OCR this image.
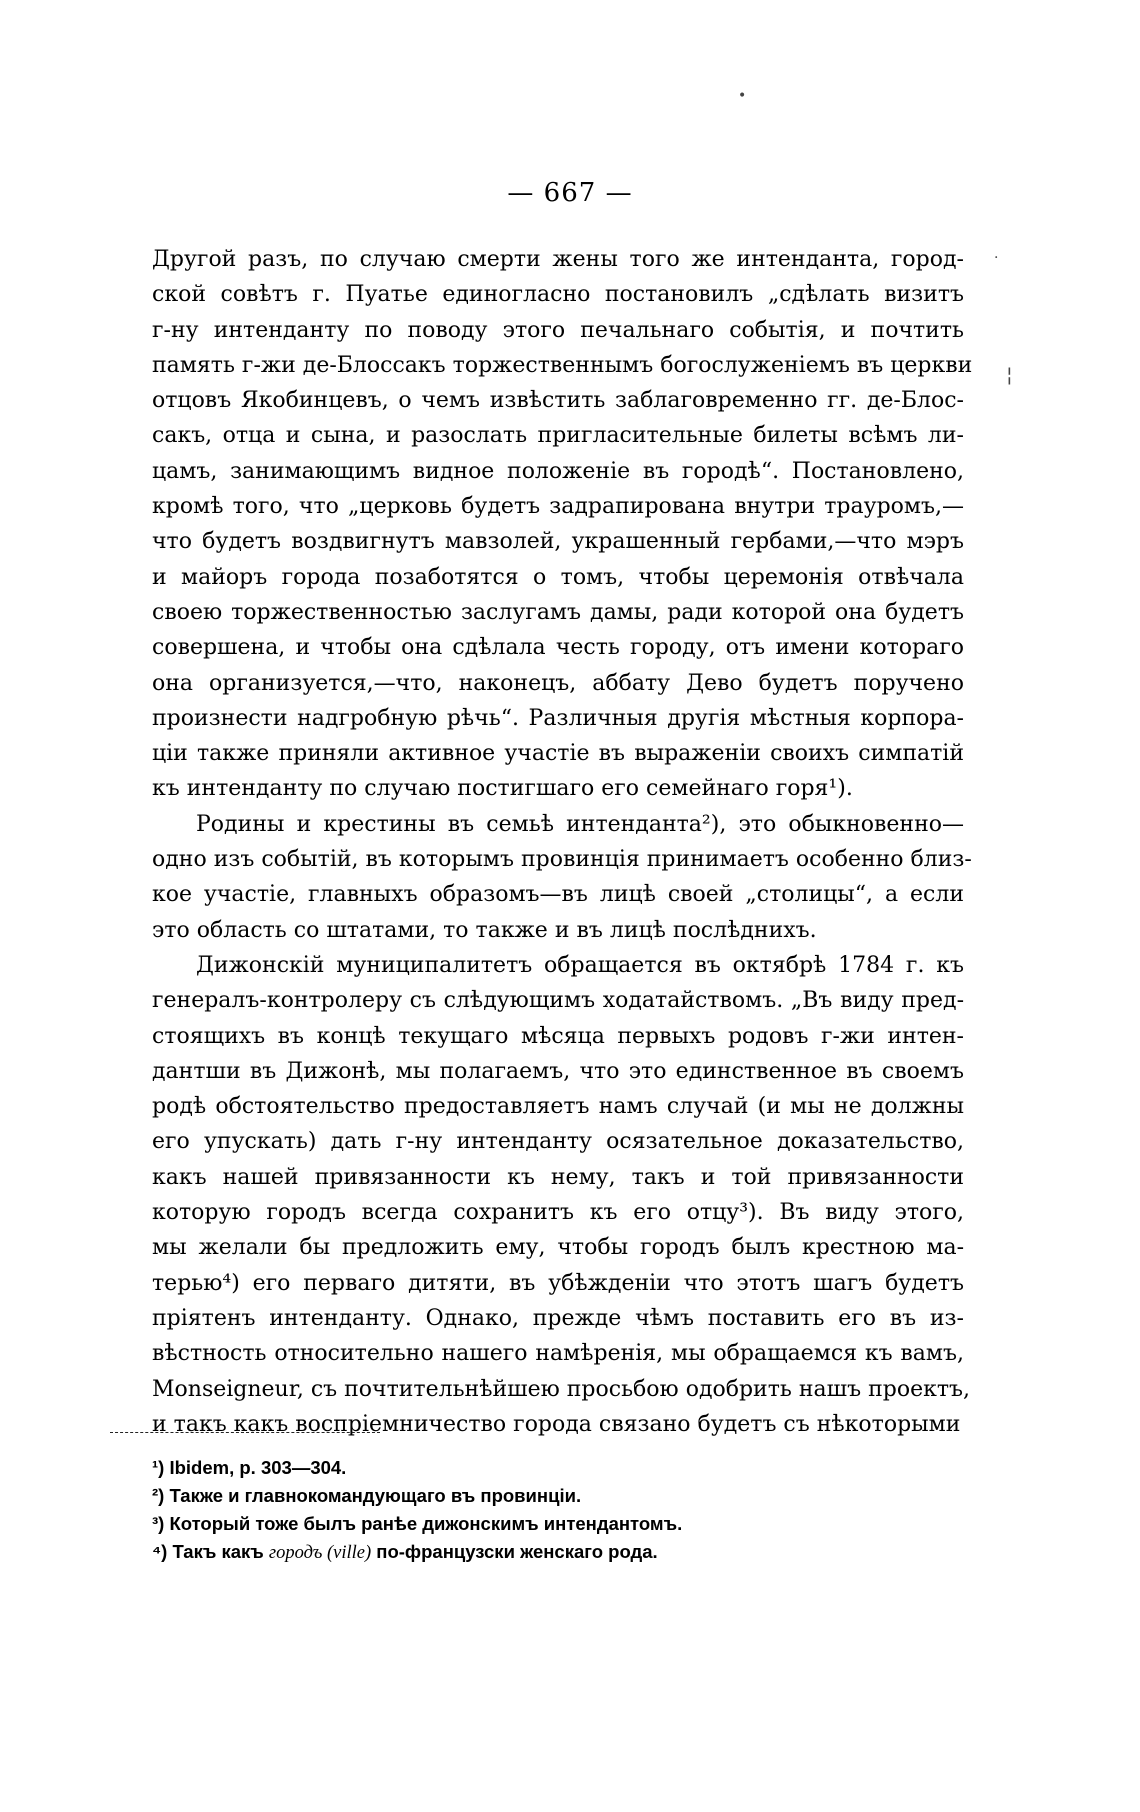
•
·
¦
— 667 —
Другой разъ, по случаю смерти жены того же интенданта, город-
ской совѣтъ г. Пуатье единогласно постановилъ „сдѣлать визитъ
г-ну интенданту по поводу этого печальнаго событія, и почтить
память г-жи де-Блоссакъ торжественнымъ богослуженіемъ въ церкви
отцовъ Якобинцевъ, о чемъ извѣстить заблаговременно гг. де-Блос-
сакъ, отца и сына, и разослать пригласительные билеты всѣмъ ли-
цамъ, занимающимъ видное положеніе въ городѣ“. Постановлено,
кромѣ того, что „церковь будетъ задрапирована внутри трауромъ,—
что будетъ воздвигнутъ мавзолей, украшенный гербами,—что мэръ
и майоръ города позаботятся о томъ, чтобы церемонія отвѣчала
своею торжественностью заслугамъ дамы, ради которой она будетъ
совершена, и чтобы она сдѣлала честь городу, отъ имени котораго
она организуется,—что, наконецъ, аббату Дево будетъ поручено
произнести надгробную рѣчь“. Различныя другія мѣстныя корпора-
ціи также приняли активное участіе въ выраженіи своихъ симпатій
къ интенданту по случаю постигшаго его семейнаго горя¹).
Родины и крестины въ семьѣ интенданта²), это обыкновенно—
одно изъ событій, въ которымъ провинція принимаетъ особенно близ-
кое участіе, главныхъ образомъ—въ лицѣ своей „столицы“, а если
это область со штатами, то также и въ лицѣ послѣднихъ.
Дижонскій муниципалитетъ обращается въ октябрѣ 1784 г. къ
генералъ-контролеру съ слѣдующимъ ходатайствомъ. „Въ виду пред-
стоящихъ въ концѣ текущаго мѣсяца первыхъ родовъ г-жи интен-
дантши въ Дижонѣ, мы полагаемъ, что это единственное въ своемъ
родѣ обстоятельство предоставляетъ намъ случай (и мы не должны
его упускать) дать г-ну интенданту осязательное доказательство,
какъ нашей привязанности къ нему, такъ и той привязанности
которую городъ всегда сохранитъ къ его отцу³). Въ виду этого,
мы желали бы предложить ему, чтобы городъ былъ крестною ма-
терью⁴) его перваго дитяти, въ убѣжденіи что этотъ шагъ будетъ
пріятенъ интенданту. Однако, прежде чѣмъ поставить его въ из-
вѣстность относительно нашего намѣренія, мы обращаемся къ вамъ,
Monseigneur, съ почтительнѣйшею просьбою одобрить нашъ проектъ,
и такъ какъ воспріемничество города связано будетъ съ нѣкоторыми

¹) Ibidem, p. 303—304.

²) Также и главнокомандующаго въ провинціи.

³) Который тоже былъ ранѣе дижонскимъ интендантомъ.

⁴) Такъ какъ городъ (ville) по-французски женскаго рода.
